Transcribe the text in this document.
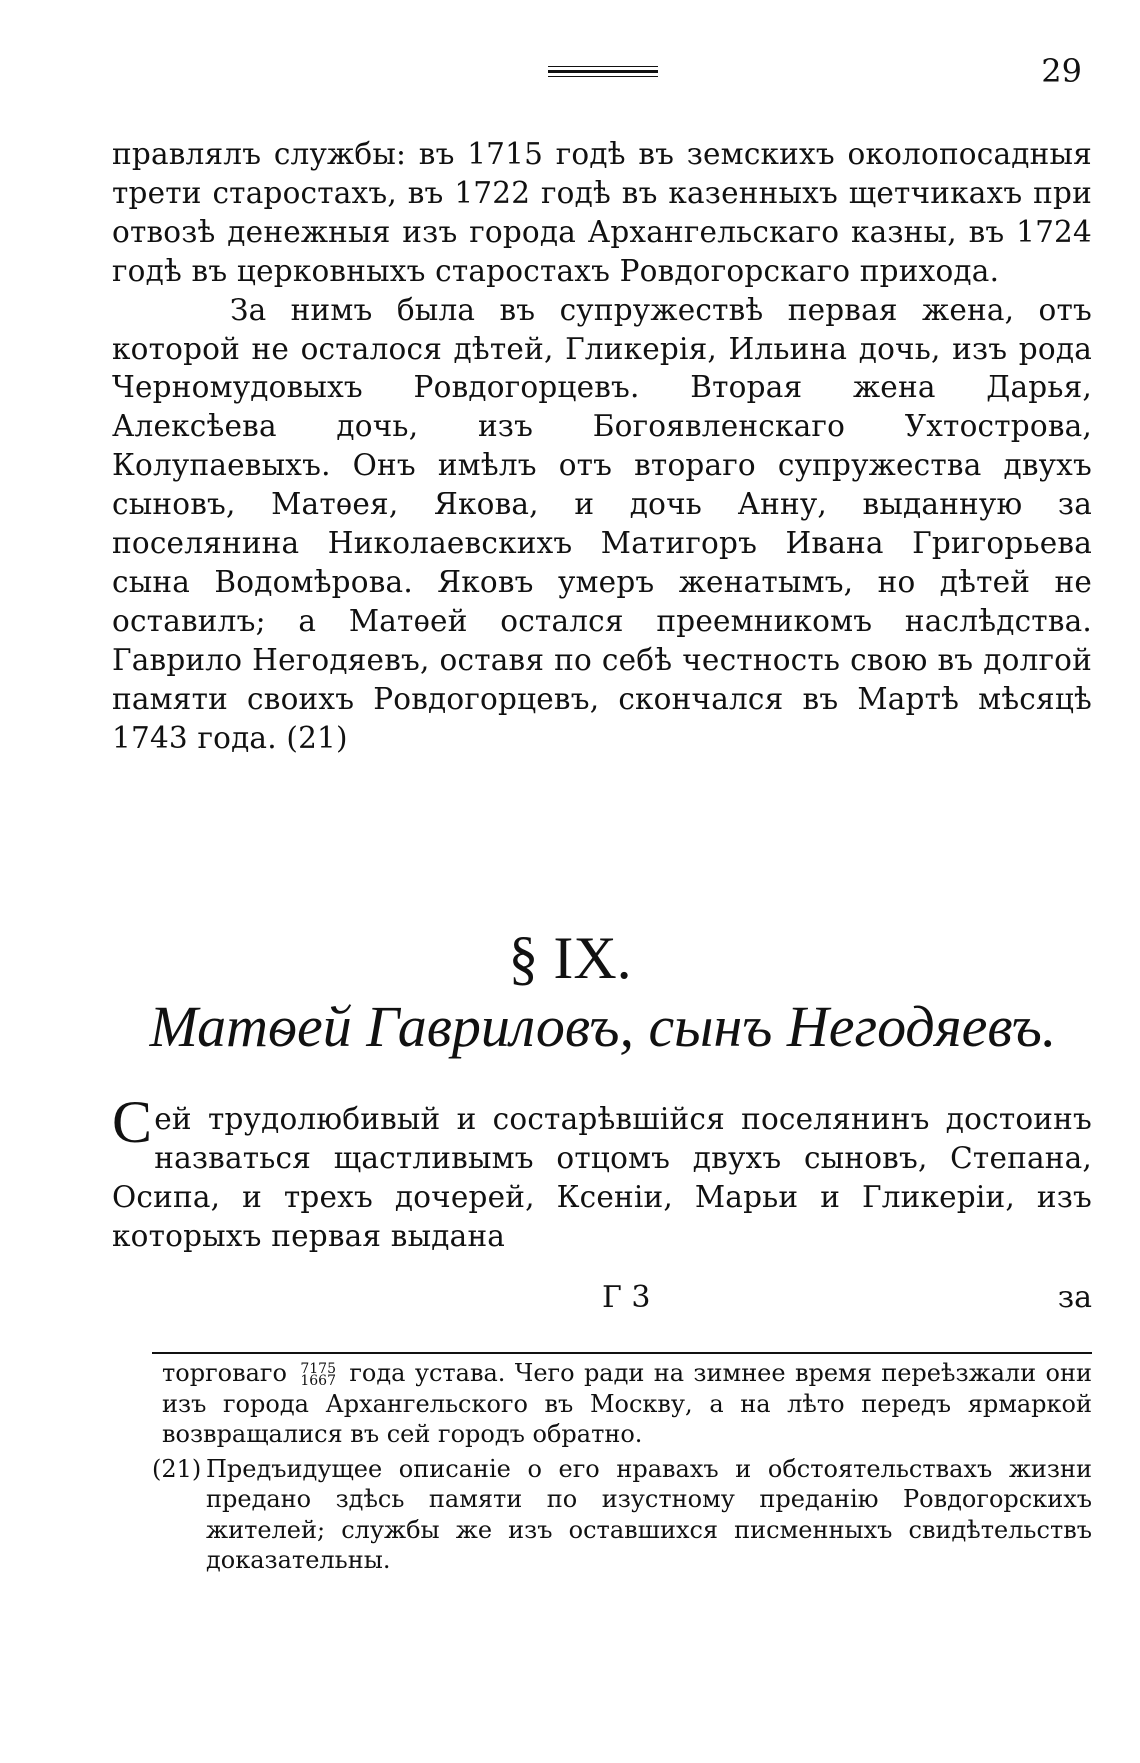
29

правлялъ службы: въ 1715 годѣ въ земскихъ околопосадныя трети старостахъ, въ 1722 годѣ въ казенныхъ щетчикахъ при отвозѣ денежныя изъ города Архангельскаго казны, въ 1724 годѣ въ церковныхъ старостахъ Ровдогорскаго прихода.

За нимъ была въ супружествѣ первая жена, отъ которой не осталося дѣтей, Гликерія, Ильина дочь, изъ рода Черномудовыхъ Ровдогорцевъ. Вторая жена Дарья, Алексѣева дочь, изъ Богоявленскаго Ухтострова, Колупаевыхъ. Онъ имѣлъ отъ втораго супружества двухъ сыновъ, Матѳея, Якова, и дочь Анну, выданную за поселянина Николаевскихъ Матигоръ Ивана Григорьева сына Водомѣрова. Яковъ умеръ женатымъ, но дѣтей не оставилъ; а Матѳей остался преемникомъ наслѣдства. Гаврило Негодяевъ, оставя по себѣ честность свою въ долгой памяти своихъ Ровдогорцевъ, скончался въ Мартѣ мѣсяцѣ 1743 года. (21)

§ IX.
Матѳей Гавриловъ, сынъ Негодяевъ.

Сей трудолюбивый и состарѣвшійся поселянинъ достоинъ назваться щастливымъ отцомъ двухъ сыновъ, Степана, Осипа, и трехъ дочерей, Ксеніи, Марьи и Гликеріи, изъ которыхъ первая выдана

Г 3	за

торговаго 7175
1667 года устава. Чего ради на зимнее время переѣзжали они изъ города Архангельского въ Москву, а на лѣто передъ ярмаркой возвращалися въ сей городъ обратно.

(21) Предъидущее описаніе о его нравахъ и обстоятельствахъ жизни предано здѣсь памяти по изустному преданію Ровдогорскихъ жителей; службы же изъ оставшихся писменныхъ свидѣтельствъ доказательны.
